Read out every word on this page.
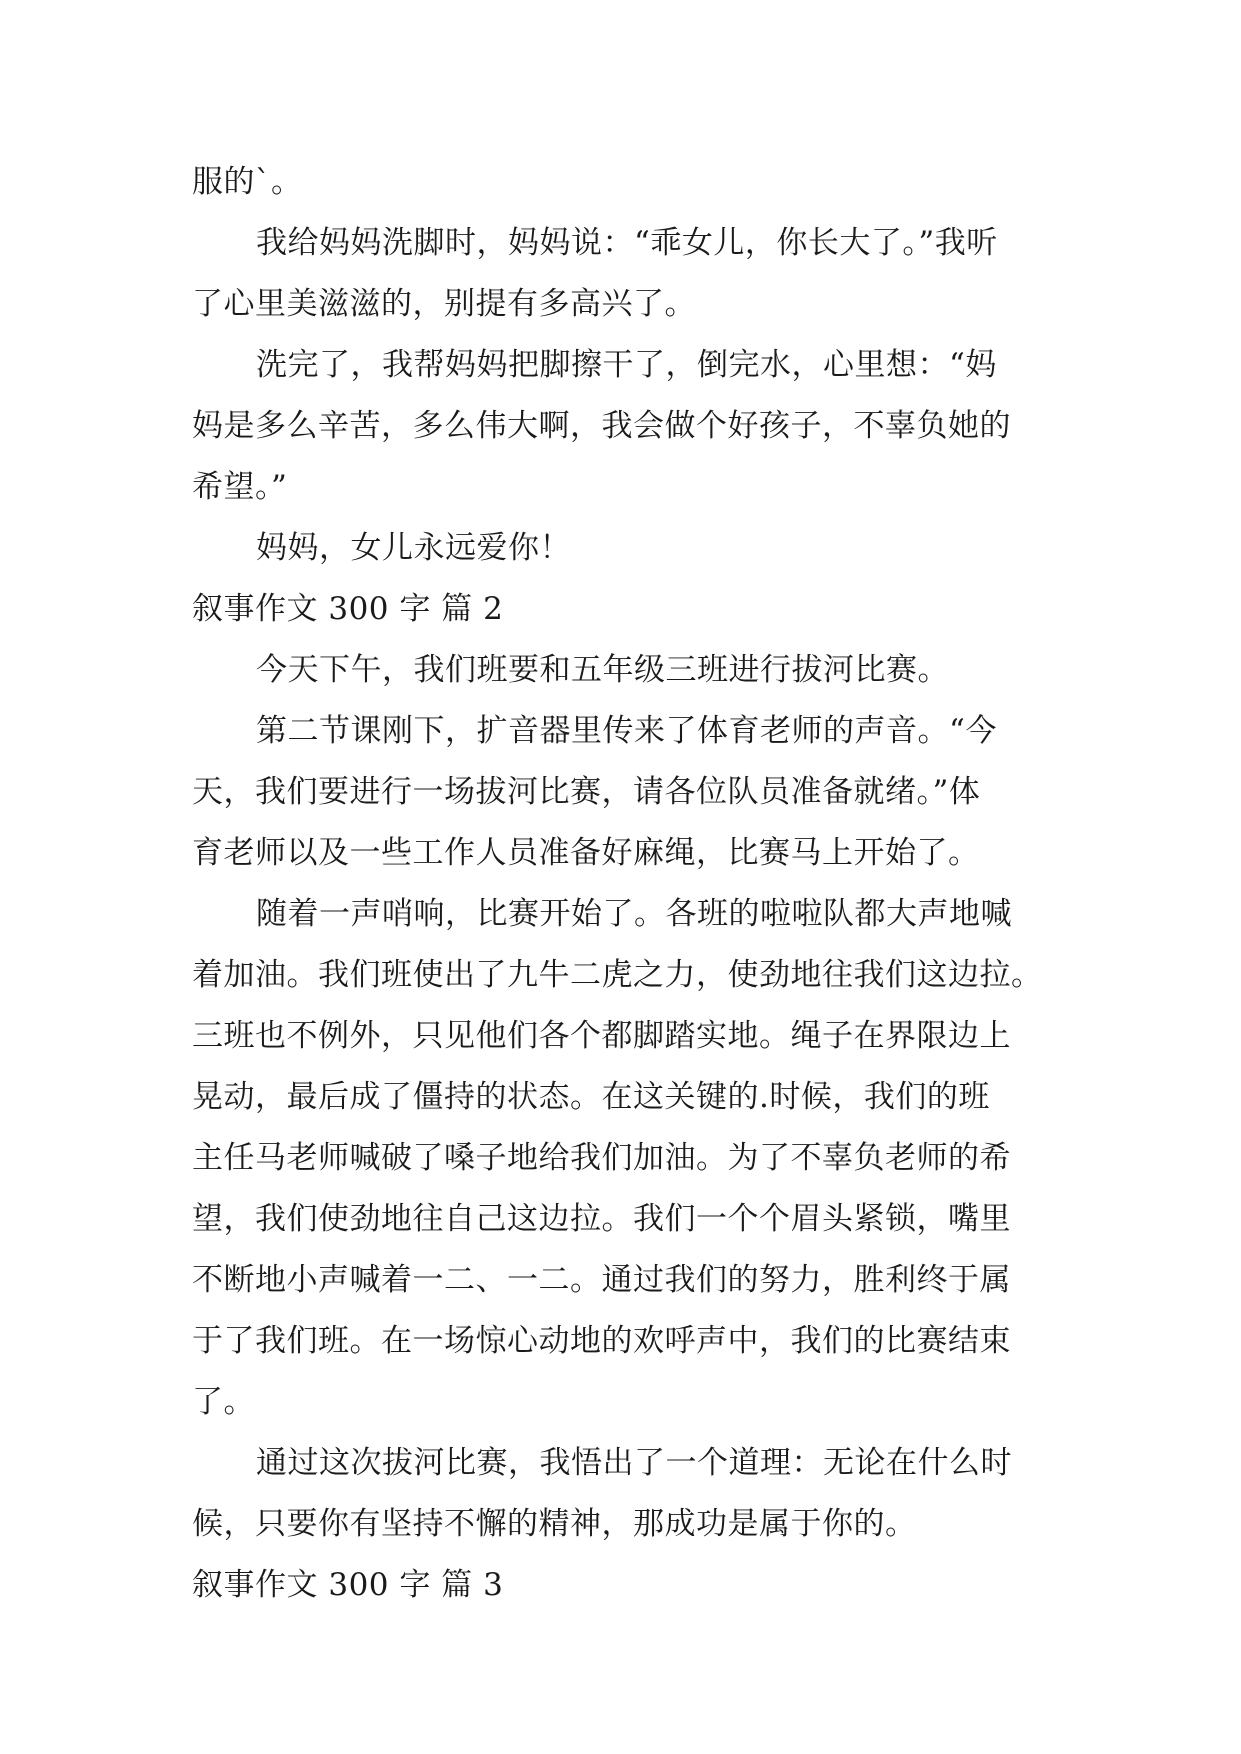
服的`。

我给妈妈洗脚时，妈妈说：“乖女儿，你长大了。”我听

了心里美滋滋的，别提有多高兴了。

洗完了，我帮妈妈把脚擦干了，倒完水，心里想：“妈

妈是多么辛苦，多么伟大啊，我会做个好孩子，不辜负她的

希望。”

妈妈，女儿永远爱你！

叙事作文 300 字 篇 2

今天下午，我们班要和五年级三班进行拔河比赛。

第二节课刚下，扩音器里传来了体育老师的声音。“今

天，我们要进行一场拔河比赛，请各位队员准备就绪。”体

育老师以及一些工作人员准备好麻绳，比赛马上开始了。

随着一声哨响，比赛开始了。各班的啦啦队都大声地喊

着加油。我们班使出了九牛二虎之力，使劲地往我们这边拉。

三班也不例外，只见他们各个都脚踏实地。绳子在界限边上

晃动，最后成了僵持的状态。在这关键的.时候，我们的班

主任马老师喊破了嗓子地给我们加油。为了不辜负老师的希

望，我们使劲地往自己这边拉。我们一个个眉头紧锁，嘴里

不断地小声喊着一二、一二。通过我们的努力，胜利终于属

于了我们班。在一场惊心动地的欢呼声中，我们的比赛结束

了。

通过这次拔河比赛，我悟出了一个道理：无论在什么时

候，只要你有坚持不懈的精神，那成功是属于你的。

叙事作文 300 字 篇 3
